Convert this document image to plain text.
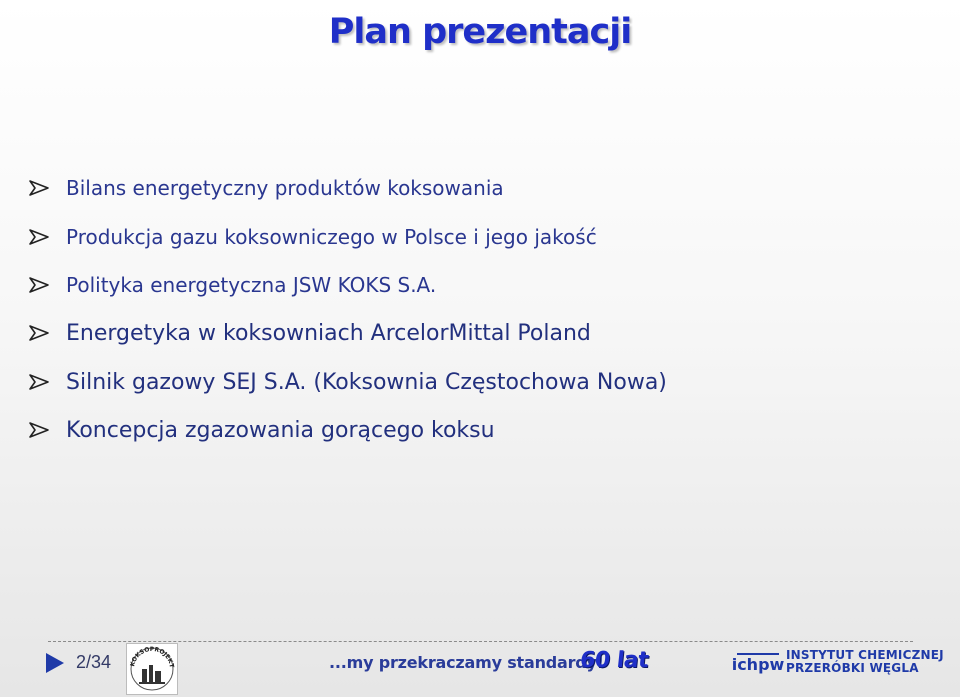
Plan prezentacji
Bilans energetyczny produktów koksowania
Produkcja gazu koksowniczego w Polsce i jego jakość
Polityka energetyczna JSW KOKS S.A.
Energetyka w koksowniach ArcelorMittal Poland
Silnik gazowy SEJ S.A. (Koksownia Częstochowa Nowa)
Koncepcja zgazowania gorącego koksu
2/34	KOKSOPROJEKT	...my przekraczamy standardy!
60 lat	ichpw INSTYTUT CHEMICZNEJ
PRZERÓBKI WĘGLA
